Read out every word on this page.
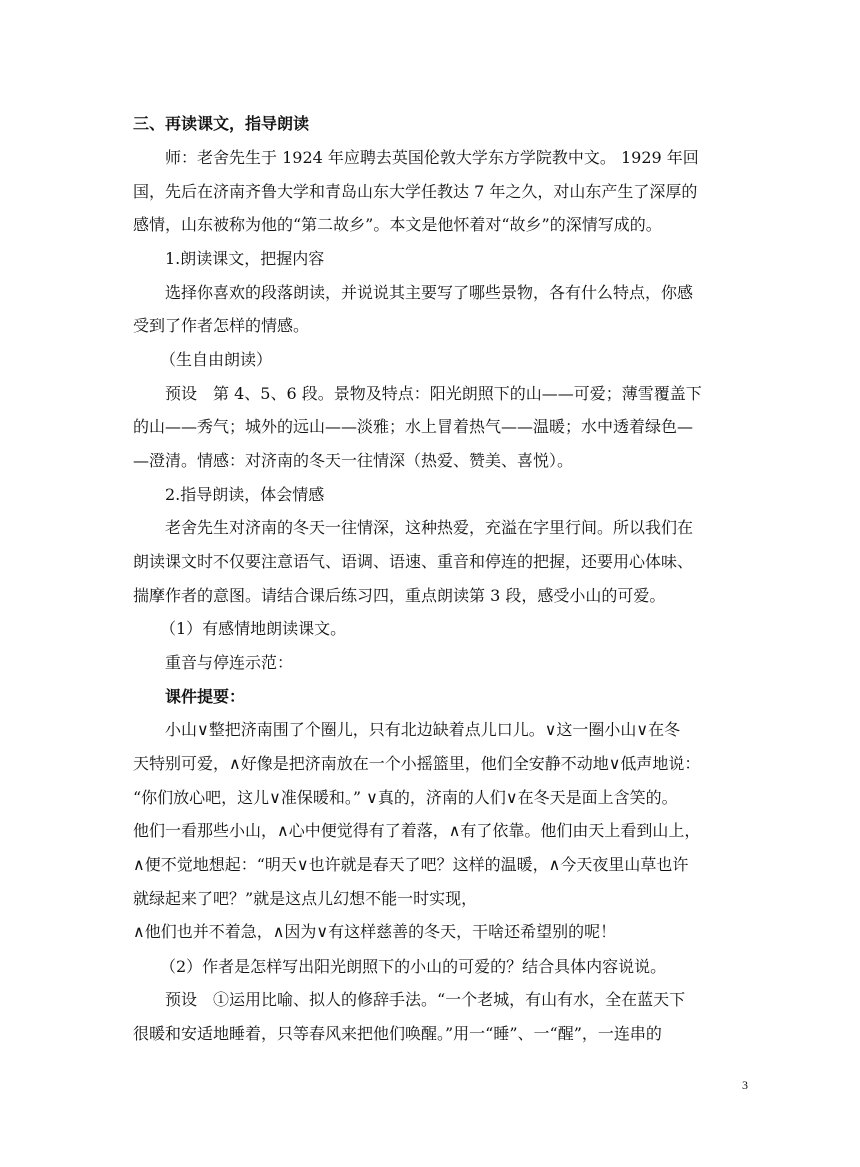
三、再读课文，指导朗读
师：老舍先生于 1924 年应聘去英国伦敦大学东方学院教中文。 1929 年回
国，先后在济南齐鲁大学和青岛山东大学任教达 7 年之久，对山东产生了深厚的
感情，山东被称为他的“第二故乡”。本文是他怀着对“故乡”的深情写成的。
1.朗读课文，把握内容
选择你喜欢的段落朗读，并说说其主要写了哪些景物，各有什么特点，你感
受到了作者怎样的情感。
（生自由朗读）
预设　第 4、5、6 段。景物及特点：阳光朗照下的山——可爱；薄雪覆盖下
的山——秀气；城外的远山——淡雅；水上冒着热气——温暖；水中透着绿色—
—澄清。情感：对济南的冬天一往情深（热爱、赞美、喜悦）。
2.指导朗读，体会情感
老舍先生对济南的冬天一往情深，这种热爱，充溢在字里行间。所以我们在
朗读课文时不仅要注意语气、语调、语速、重音和停连的把握，还要用心体味、
揣摩作者的意图。请结合课后练习四，重点朗读第 3 段，感受小山的可爱。
（1）有感情地朗读课文。
重音与停连示范：
课件提要：
小山∨整把济南围了个圈儿，只有北边缺着点儿口儿。∨这一圈小山∨在冬
天特别可爱，∧好像是把济南放在一个小摇篮里，他们全安静不动地∨低声地说：
“你们放心吧，这儿∨准保暖和。” ∨真的，济南的人们∨在冬天是面上含笑的。
他们一看那些小山，∧心中便觉得有了着落，∧有了依靠。他们由天上看到山上，
∧便不觉地想起：“明天∨也许就是春天了吧？这样的温暖，∧今天夜里山草也许
就绿起来了吧？”就是这点儿幻想不能一时实现，
∧他们也并不着急，∧因为∨有这样慈善的冬天，干啥还希望别的呢！
（2）作者是怎样写出阳光朗照下的小山的可爱的？结合具体内容说说。
预设　①运用比喻、拟人的修辞手法。“一个老城，有山有水，全在蓝天下
很暖和安适地睡着，只等春风来把他们唤醒。”用一“睡”、一“醒”，一连串的
3
